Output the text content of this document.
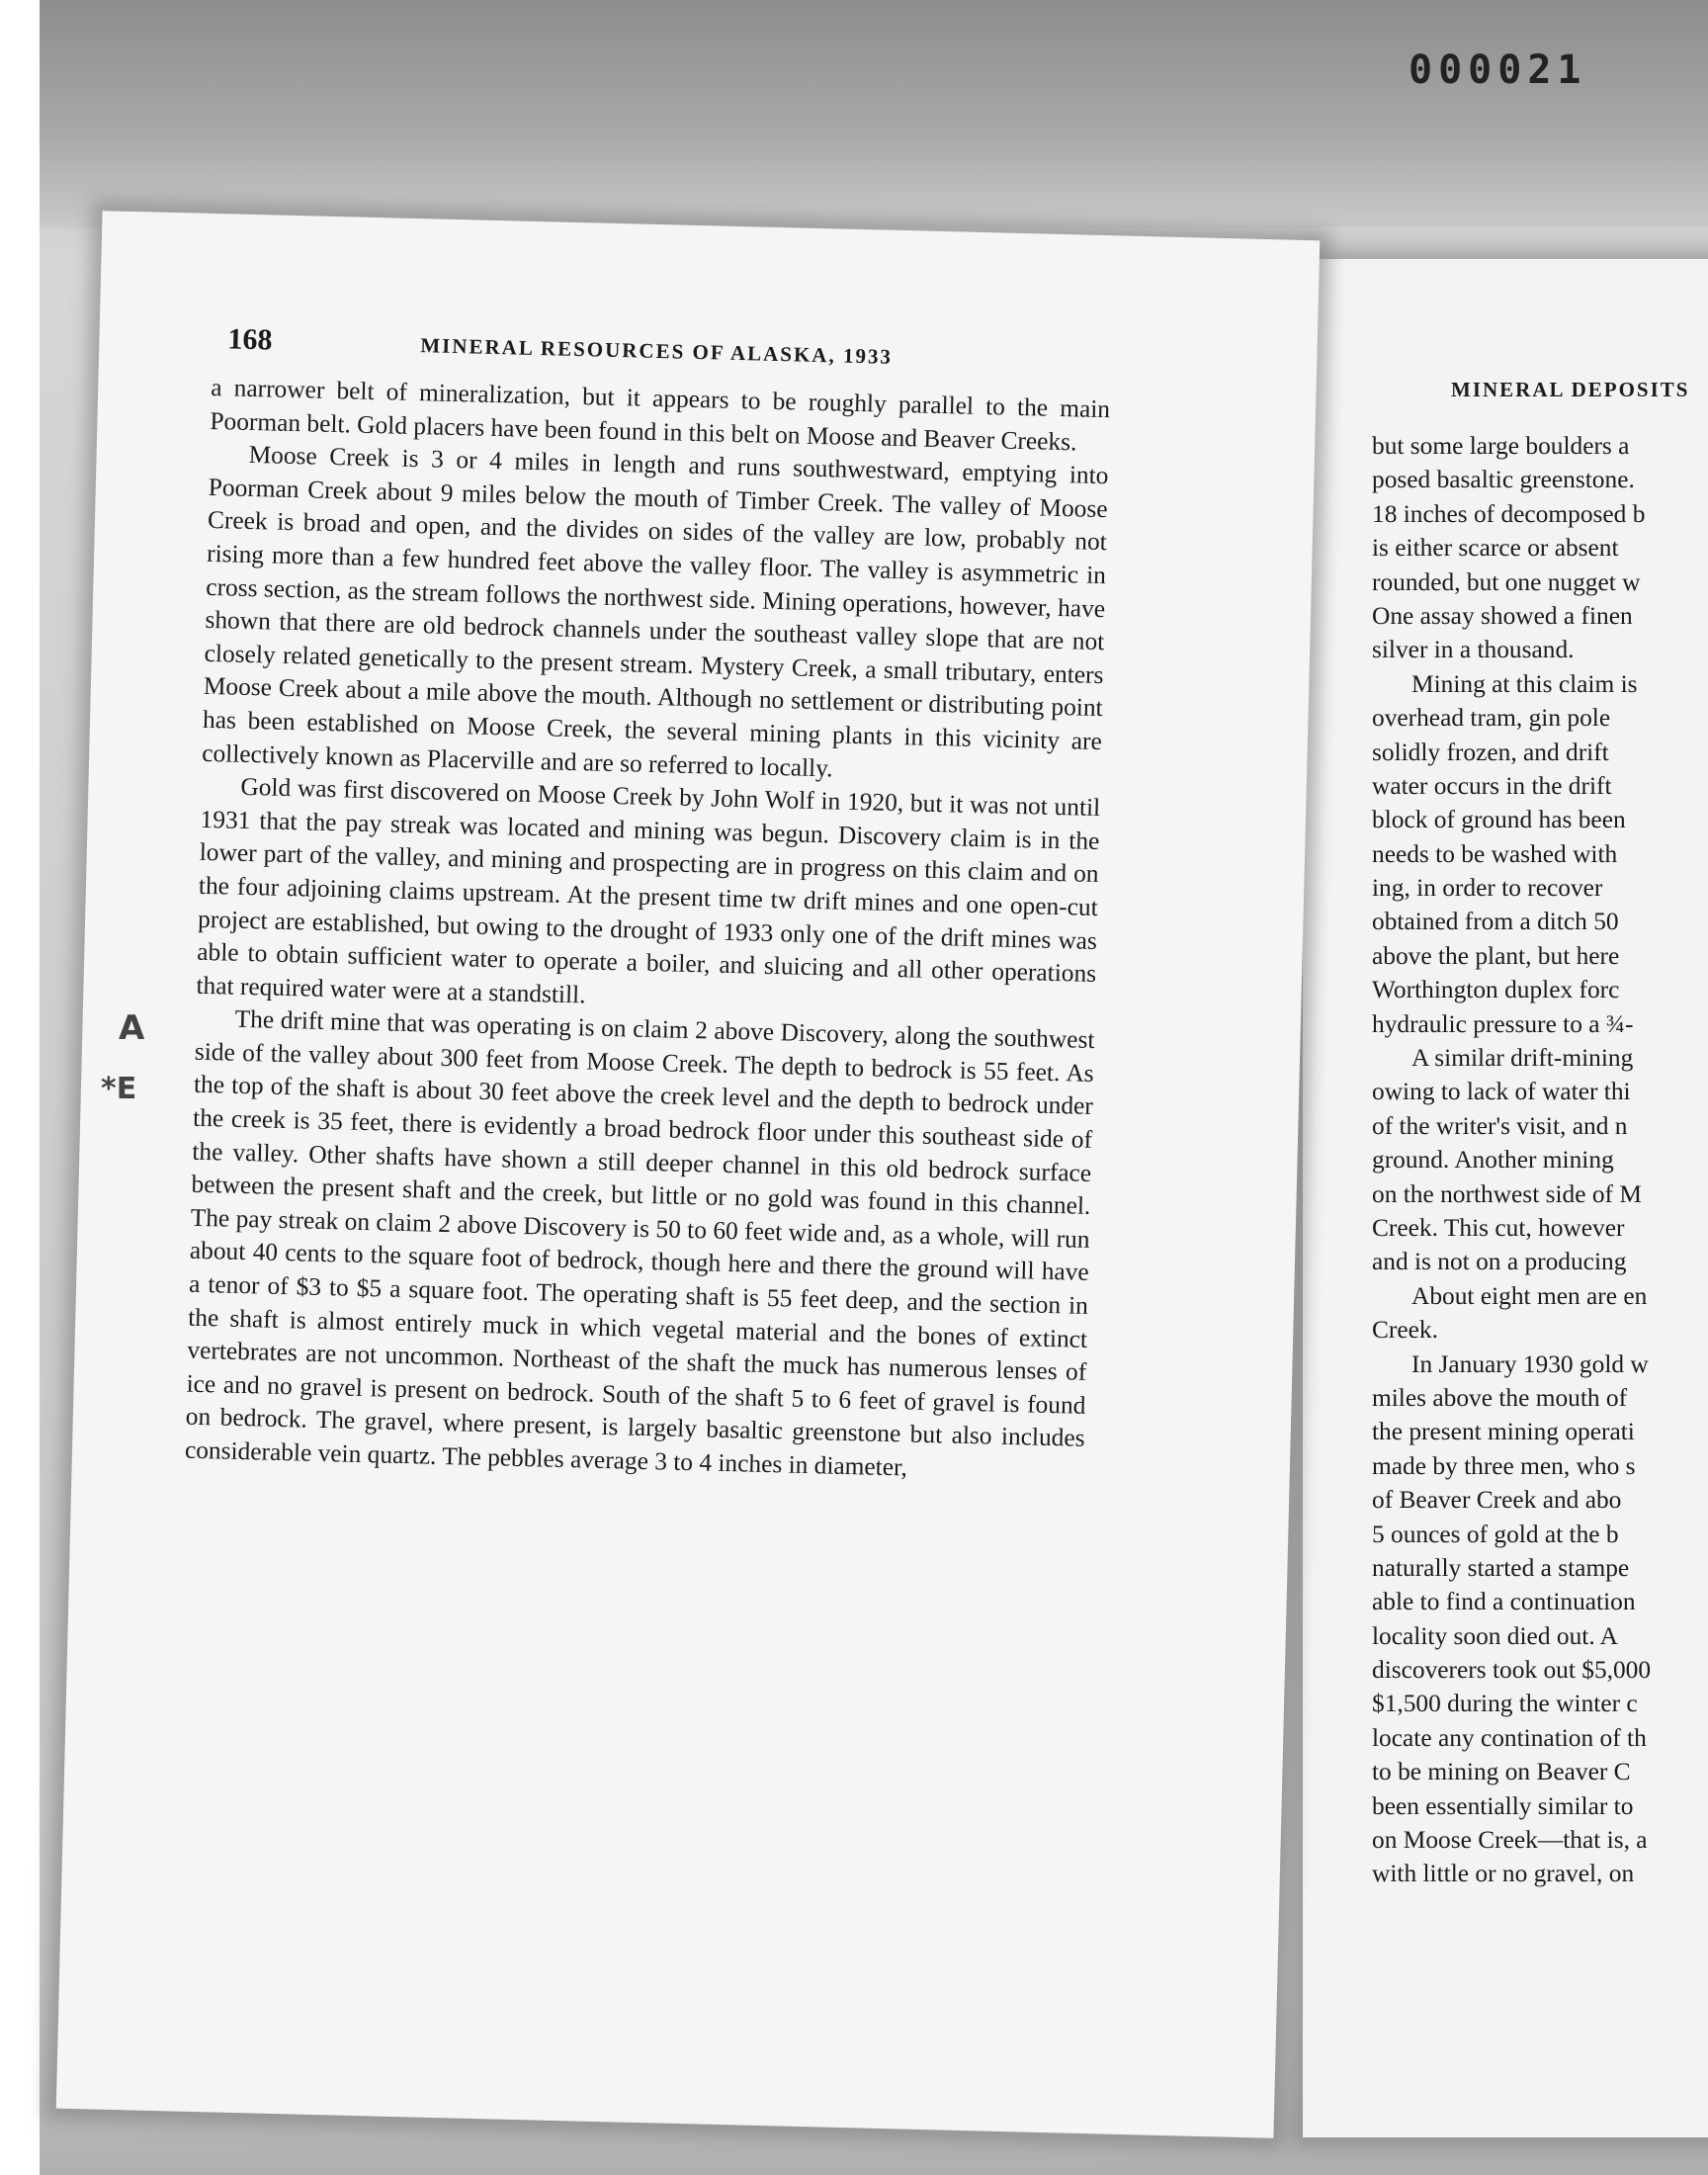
000021
MINERAL DEPOSITS
but some large boulders a
posed basaltic greenstone.
18 inches of decomposed b
is either scarce or absent
rounded, but one nugget w
One assay showed a finen
silver in a thousand.
Mining at this claim is
overhead tram, gin pole
solidly frozen, and drift
water occurs in the drift
block of ground has been
needs to be washed with
ing, in order to recover
obtained from a ditch 50
above the plant, but here
Worthington duplex forc
hydraulic pressure to a ¾-
A similar drift-mining
owing to lack of water thi
of the writer's visit, and n
ground. Another mining
on the northwest side of M
Creek. This cut, however
and is not on a producing
About eight men are en
Creek.
In January 1930 gold w
miles above the mouth of
the present mining operati
made by three men, who s
of Beaver Creek and abo
5 ounces of gold at the b
naturally started a stampe
able to find a continuation
locality soon died out. A
discoverers took out $5,000
$1,500 during the winter c
locate any contination of th
to be mining on Beaver C
been essentially similar to
on Moose Creek—that is, a
with little or no gravel, on
168	MINERAL RESOURCES OF ALASKA, 1933

a narrower belt of mineralization, but it appears to be roughly parallel to the main Poorman belt. Gold placers have been found in this belt on Moose and Beaver Creeks.

Moose Creek is 3 or 4 miles in length and runs southwestward, emptying into Poorman Creek about 9 miles below the mouth of Timber Creek. The valley of Moose Creek is broad and open, and the divides on sides of the valley are low, probably not rising more than a few hundred feet above the valley floor. The valley is asymmetric in cross section, as the stream follows the northwest side. Mining operations, however, have shown that there are old bedrock channels under the southeast valley slope that are not closely related genetically to the present stream. Mystery Creek, a small tributary, enters Moose Creek about a mile above the mouth. Although no settlement or distributing point has been established on Moose Creek, the several mining plants in this vicinity are collectively known as Placerville and are so referred to locally.

Gold was first discovered on Moose Creek by John Wolf in 1920, but it was not until 1931 that the pay streak was located and mining was begun. Discovery claim is in the lower part of the valley, and mining and prospecting are in progress on this claim and on the four adjoining claims upstream. At the present time tw drift mines and one open-cut project are established, but owing to the drought of 1933 only one of the drift mines was able to obtain sufficient water to operate a boiler, and sluicing and all other operations that required water were at a standstill.

The drift mine that was operating is on claim 2 above Discovery, along the southwest side of the valley about 300 feet from Moose Creek. The depth to bedrock is 55 feet. As the top of the shaft is about 30 feet above the creek level and the depth to bedrock under the creek is 35 feet, there is evidently a broad bedrock floor under this southeast side of the valley. Other shafts have shown a still deeper channel in this old bedrock surface between the present shaft and the creek, but little or no gold was found in this channel. The pay streak on claim 2 above Discovery is 50 to 60 feet wide and, as a whole, will run about 40 cents to the square foot of bedrock, though here and there the ground will have a tenor of $3 to $5 a square foot. The operating shaft is 55 feet deep, and the section in the shaft is almost entirely muck in which vegetal material and the bones of extinct vertebrates are not uncommon. Northeast of the shaft the muck has numerous lenses of ice and no gravel is present on bedrock. South of the shaft 5 to 6 feet of gravel is found on bedrock. The gravel, where present, is largely basaltic greenstone but also includes considerable vein quartz. The pebbles average 3 to 4 inches in diameter,

A
*E
